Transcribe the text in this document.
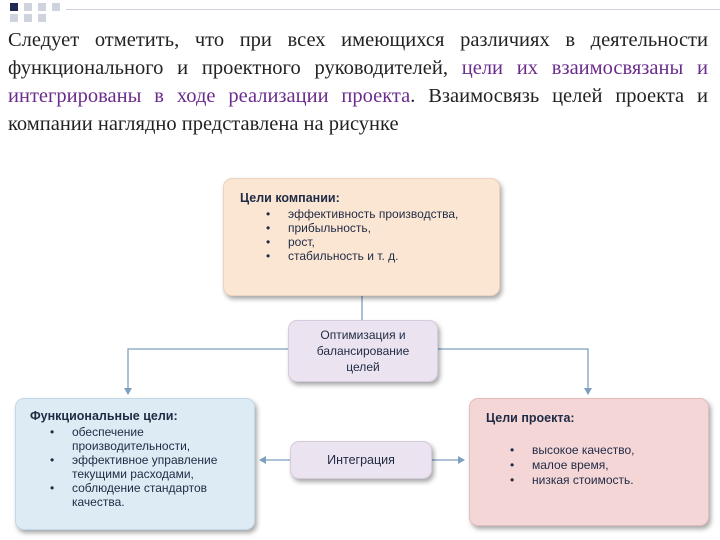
Следует отметить, что при всех имеющихся различиях в деятельности функционального и проектного руководителей, цели их взаимосвязаны и интегрированы в ходе реализации проекта. Взаимосвязь целей проекта и компании наглядно представлена на рисунке
Цели компании:
• эффективность производства,
• прибыльность,
• рост,
• стабильность и т. д.
Оптимизация и
балансирование
целей
Функциональные цели:
• обеспечение производительности,
• эффективное управление текущими расходами,
• соблюдение стандартов качества.
Интеграция
Цели проекта:
• высокое качество,
• малое время,
• низкая стоимость.
